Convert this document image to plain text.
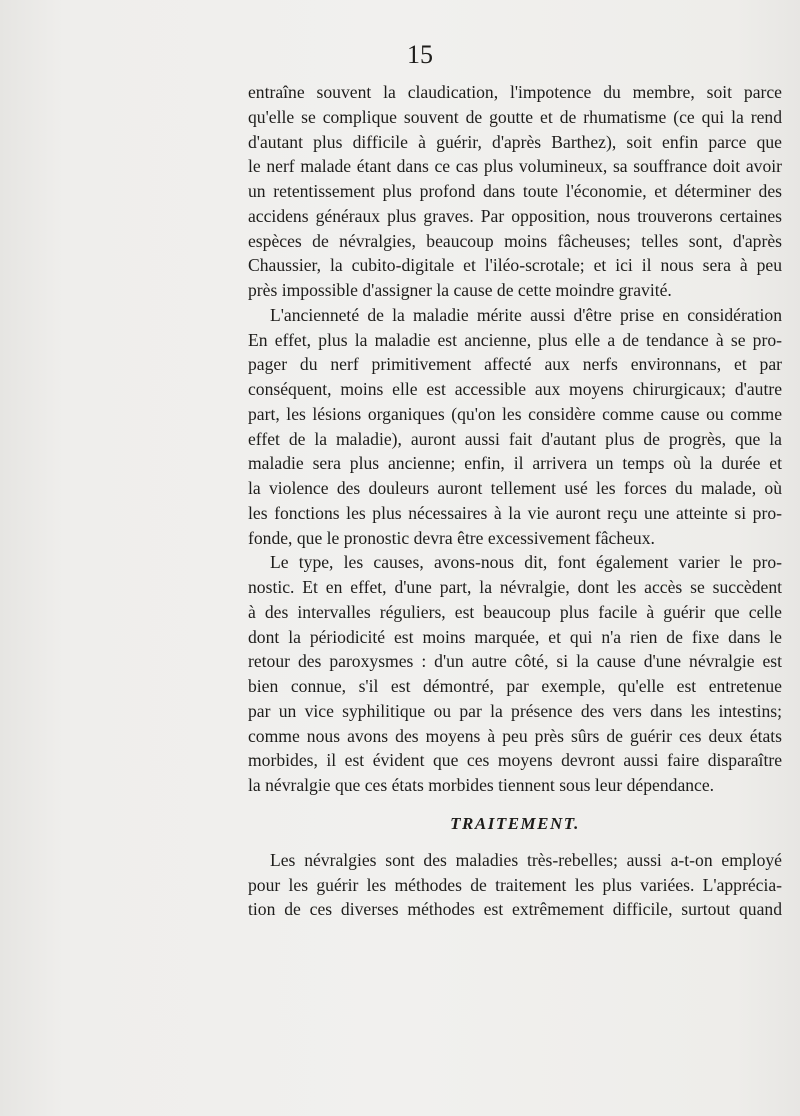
15
entraîne souvent la claudication, l'impotence du membre, soit parce
qu'elle se complique souvent de goutte et de rhumatisme (ce qui la rend
d'autant plus difficile à guérir, d'après Barthez), soit enfin parce que
le nerf malade étant dans ce cas plus volumineux, sa souffrance doit avoir
un retentissement plus profond dans toute l'économie, et déterminer des
accidens généraux plus graves. Par opposition, nous trouverons certaines
espèces de névralgies, beaucoup moins fâcheuses; telles sont, d'après
Chaussier, la cubito-digitale et l'iléo-scrotale; et ici il nous sera à peu
près impossible d'assigner la cause de cette moindre gravité.
L'ancienneté de la maladie mérite aussi d'être prise en considération
En effet, plus la maladie est ancienne, plus elle a de tendance à se pro-
pager du nerf primitivement affecté aux nerfs environnans, et par
conséquent, moins elle est accessible aux moyens chirurgicaux; d'autre
part, les lésions organiques (qu'on les considère comme cause ou comme
effet de la maladie), auront aussi fait d'autant plus de progrès, que la
maladie sera plus ancienne; enfin, il arrivera un temps où la durée et
la violence des douleurs auront tellement usé les forces du malade, où
les fonctions les plus nécessaires à la vie auront reçu une atteinte si pro-
fonde, que le pronostic devra être excessivement fâcheux.
Le type, les causes, avons-nous dit, font également varier le pro-
nostic. Et en effet, d'une part, la névralgie, dont les accès se succèdent
à des intervalles réguliers, est beaucoup plus facile à guérir que celle
dont la périodicité est moins marquée, et qui n'a rien de fixe dans le
retour des paroxysmes : d'un autre côté, si la cause d'une névralgie est
bien connue, s'il est démontré, par exemple, qu'elle est entretenue
par un vice syphilitique ou par la présence des vers dans les intestins;
comme nous avons des moyens à peu près sûrs de guérir ces deux états
morbides, il est évident que ces moyens devront aussi faire disparaître
la névralgie que ces états morbides tiennent sous leur dépendance.
TRAITEMENT.
Les névralgies sont des maladies très-rebelles; aussi a-t-on employé
pour les guérir les méthodes de traitement les plus variées. L'apprécia-
tion de ces diverses méthodes est extrêmement difficile, surtout quand
